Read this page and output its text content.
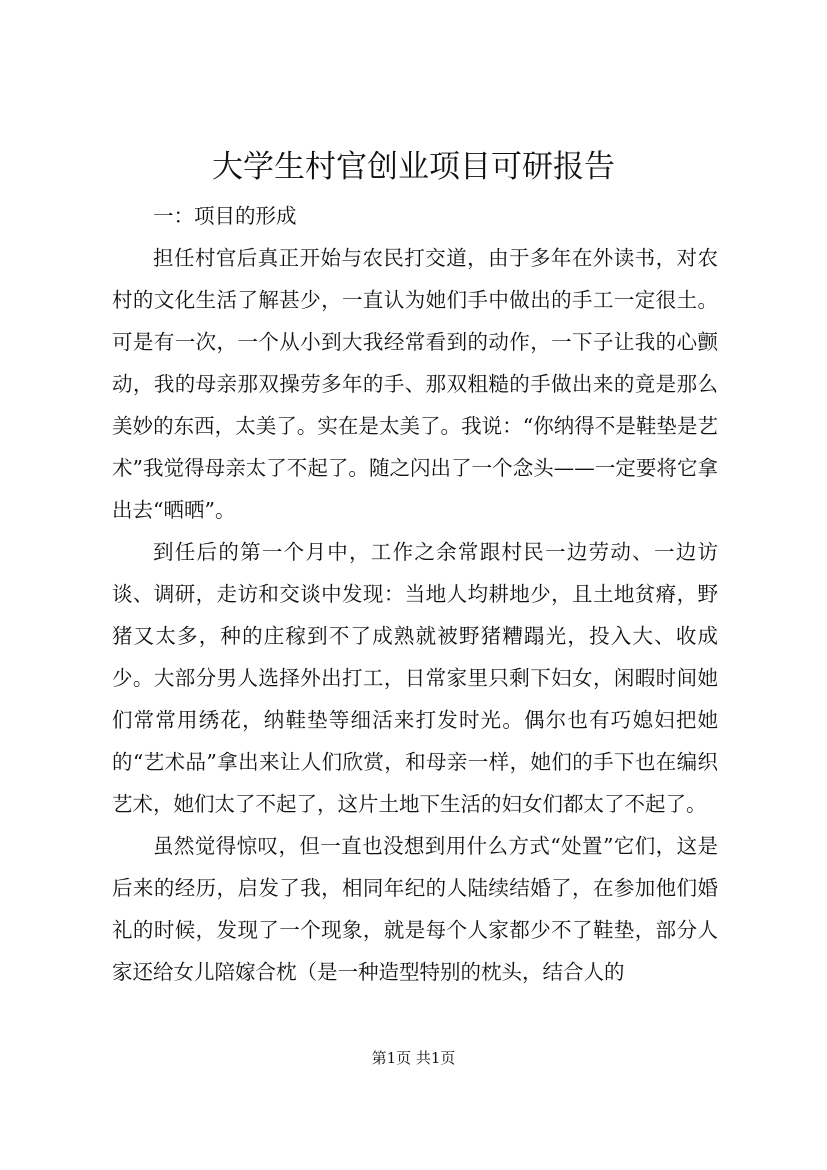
大学生村官创业项目可研报告

一：项目的形成

担任村官后真正开始与农民打交道，由于多年在外读书，对农村的文化生活了解甚少，一直认为她们手中做出的手工一定很土。可是有一次，一个从小到大我经常看到的动作，一下子让我的心颤动，我的母亲那双操劳多年的手、那双粗糙的手做出来的竟是那么美妙的东西，太美了。实在是太美了。我说：“你纳得不是鞋垫是艺术”我觉得母亲太了不起了。随之闪出了一个念头——一定要将它拿出去“晒晒”。

到任后的第一个月中，工作之余常跟村民一边劳动、一边访谈、调研，走访和交谈中发现：当地人均耕地少，且土地贫瘠，野猪又太多，种的庄稼到不了成熟就被野猪糟蹋光，投入大、收成少。大部分男人选择外出打工，日常家里只剩下妇女，闲暇时间她们常常用绣花，纳鞋垫等细活来打发时光。偶尔也有巧媳妇把她的“艺术品”拿出来让人们欣赏，和母亲一样，她们的手下也在编织艺术，她们太了不起了，这片土地下生活的妇女们都太了不起了。

虽然觉得惊叹，但一直也没想到用什么方式“处置”它们，这是后来的经历，启发了我，相同年纪的人陆续结婚了，在参加他们婚礼的时候，发现了一个现象，就是每个人家都少不了鞋垫，部分人家还给女儿陪嫁合枕（是一种造型特别的枕头，结合人的

第1页 共1页
